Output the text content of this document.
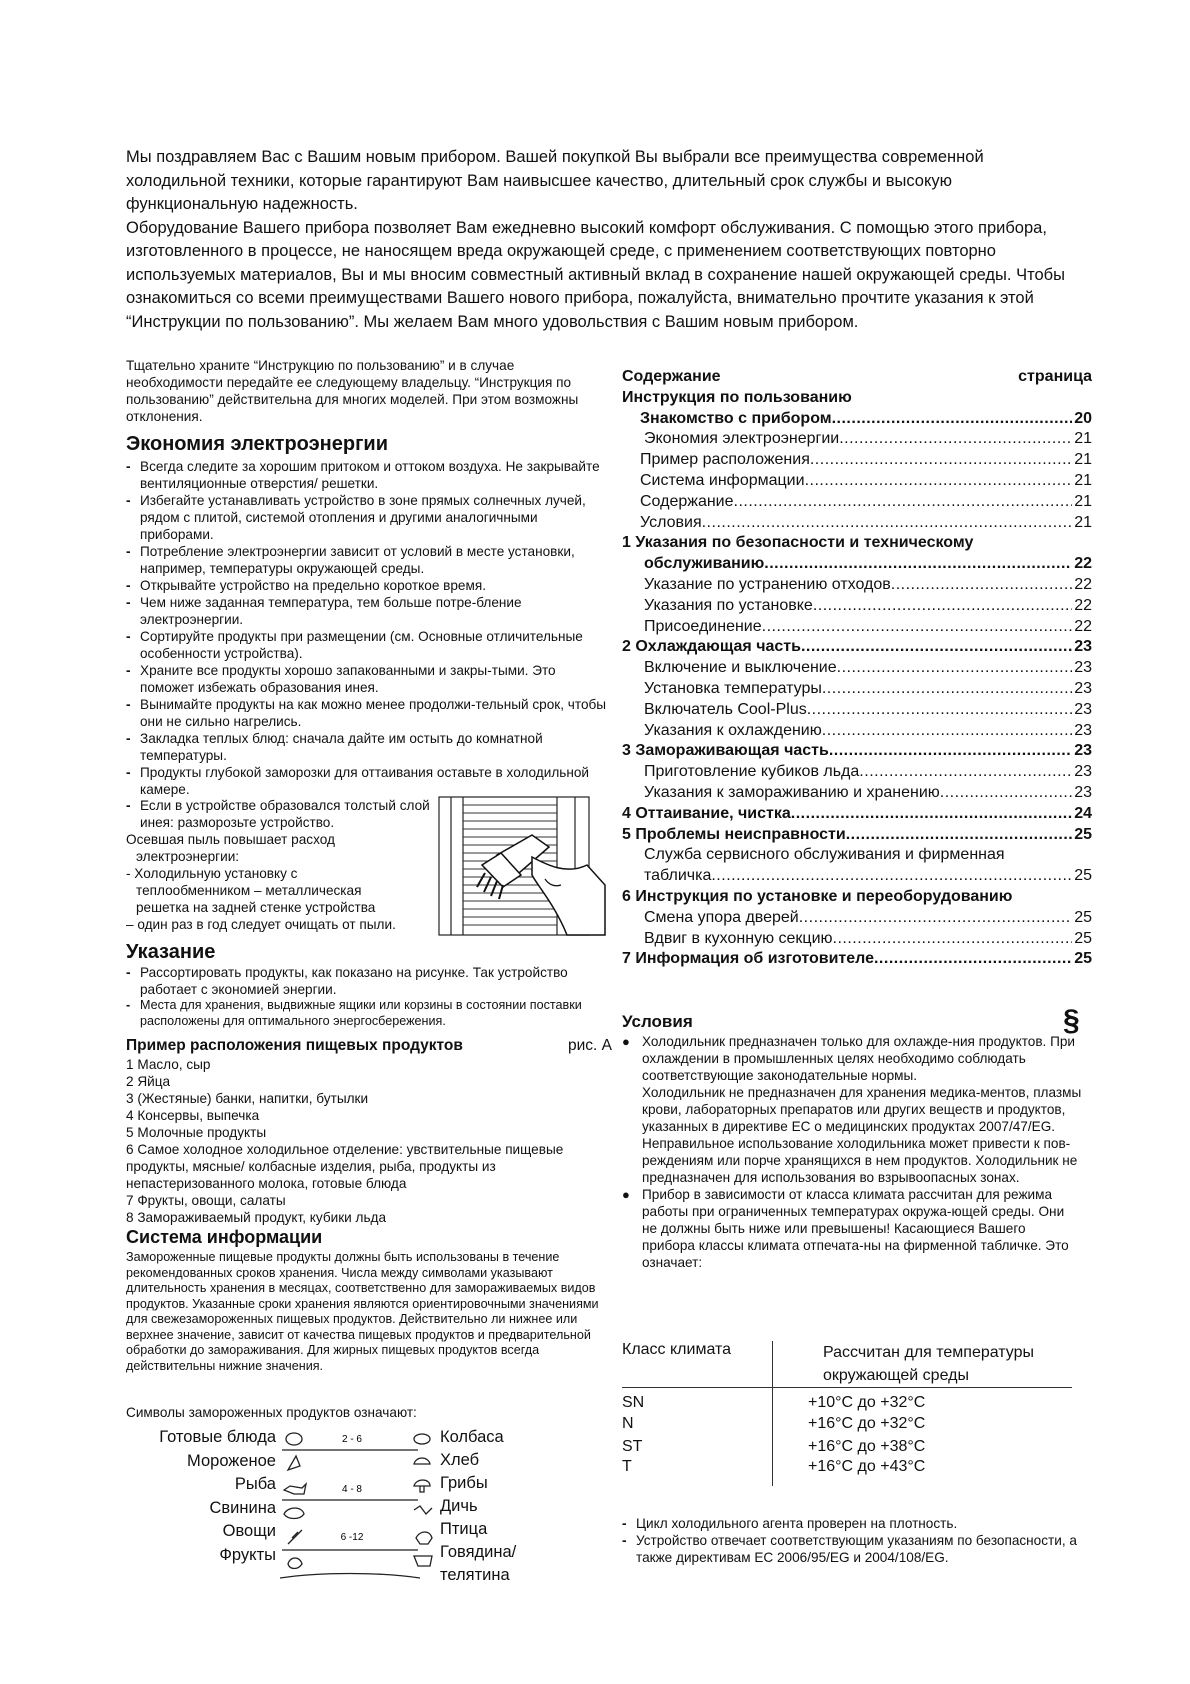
Мы поздравляем Вас с Вашим новым прибором. Вашей покупкой Вы выбрали все преимущества современной холодильной техники, которые гарантируют Вам наивысшее качество, длительный срок службы и высокую функциональную надежность.

Оборудование Вашего прибора позволяет Вам ежедневно высокий комфорт обслуживания. С помощью этого прибора, изготовленного в процессе, не наносящем вреда окружающей среде, с применением соответствующих повторно используемых материалов, Вы и мы вносим совместный активный вклад в сохранение нашей окружающей среды. Чтобы ознакомиться со всеми преимуществами Вашего нового прибора, пожалуйста, внимательно прочтите указания к этой “Инструкции по пользованию”. Мы желаем Вам много удовольствия с Вашим новым прибором.

Тщательно храните “Инструкцию по пользованию” и в случае необходимости передайте ее следующему владельцу. “Инструкция по пользованию” действительна для многих моделей. При этом возможны отклонения.
Экономия электроэнергии
- Всегда следите за хорошим притоком и оттоком воздуха. Не закрывайте вентиляционные отверстия/ решетки.
- Избегайте устанавливать устройство в зоне прямых солнечных лучей, рядом с плитой, системой отопления и другими аналогичными приборами.
- Потребление электроэнергии зависит от условий в месте установки, например, температуры окружающей среды.
- Открывайте устройство на предельно короткое время.
- Чем ниже заданная температура, тем больше потре-бление электроэнергии.
- Сортируйте продукты при размещении (см. Основные отличительные особенности устройства).
- Храните все продукты хорошо запакованными и закры-тыми. Это поможет избежать образования инея.
- Вынимайте продукты на как можно менее продолжи-тельный срок, чтобы они не сильно нагрелись.
- Закладка теплых блюд: сначала дайте им остыть до комнатной температуры.
- Продукты глубокой заморозки для оттаивания оставьте в холодильной камере.
- Если в устройстве образовался толстый слой инея: разморозьте устройство.
Осевшая пыль повышает расход
электроэнергии:
- Холодильную установку с
теплообменником – металлическая
решетка на задней стенке устройства
– один раз в год следует очищать от пыли.
Указание
- Рассортировать продукты, как показано на рисунке. Так устройство работает с экономией энергии.
- Места для хранения, выдвижные ящики или корзины в состоянии поставки расположены для оптимального энергосбережения.
Пример расположения пищевых продуктов	рис. А
1 Масло, сыр
2 Яйца
3 (Жестяные) банки, напитки, бутылки
4 Консервы, выпечка
5 Молочные продукты
6 Самое холодное холодильное отделение: увствительные пищевые продукты, мясные/ колбасные изделия, рыба, продукты из непастеризованного молока, готовые блюда
7 Фрукты, овощи, салаты
8 Замораживаемый продукт, кубики льда
Система информации
Замороженные пищевые продукты должны быть использованы в течение рекомендованных сроков хранения. Числа между символами указывают длительность хранения в месяцах, соответственно для замораживаемых видов продуктов. Указанные сроки хранения являются ориентировочными значениями для свежезамороженных пищевых продуктов. Действительно ли нижнее или верхнее значение, зависит от качества пищевых продуктов и предварительной обработки до замораживания. Для жирных пищевых продуктов всегда действительны нижние значения.
Символы замороженных продуктов означают:
Готовые блюда
Мороженое
Рыба
Свинина
Овощи
Фрукты
2 - 6
4 - 8
6 -12
Колбаса
Хлеб
Грибы
Дичь
Птица
Говядина/
телятина
Содержание	страница
Инструкция по пользованию
Знакомство с прибором .....	20
Экономия электроэнергии .....	21
Пример расположения .....	21
Система информации .....	21
Содержание .....	21
Условия .....	21
1 Указания по безопасности и техническому
обслуживанию .....	22
Указание по устранению отходов .....	22
Указания по установке .....	22
Присоединение .....	22
2 Охлаждающая часть .....	23
Включение и выключение .....	23
Установка температуры .....	23
Включатель Cool-Plus .....	23
Указания к охлаждению .....	23
3 Замораживающая часть .....	23
Приготовление кубиков льда .....	23
Указания к замораживанию и хранению .....	23
4 Оттаивание, чистка .....	24
5 Проблемы неисправности .....	25
Служба сервисного обслуживания и фирменная
табличка .....	25
6 Инструкция по установке и переоборудованию
Смена упора дверей .....	25
Вдвиг в кухонную секцию .....	25
7 Информация об изготовителе .....	25
Условия	§
● Холодильник предназначен только для охлажде-ния продуктов. При охлаждении в промышленных целях необходимо соблюдать соответствующие законодательные нормы.
Холодильник не предназначен для хранения медика-ментов, плазмы крови, лабораторных препаратов или других веществ и продуктов, указанных в директиве ЕС о медицинских продуктах 2007/47/EG. Неправильное использование холодильника может привести к пов-реждениям или порче хранящихся в нем продуктов. Холодильник не предназначен для использования во взрывоопасных зонах.
● Прибор в зависимости от класса климата рассчитан для режима работы при ограниченных температурах окружа-ющей среды. Они не должны быть ниже или превышены! Касающиеся Вашего прибора классы климата отпечата-ны на фирменной табличке. Это означает:
Класс климата	Рассчитан для температуры
окружающей среды

SN	+10°C до +32°C
N	+16°C до +32°C
ST	+16°C до +38°C
T	+16°C до +43°C
- Цикл холодильного агента проверен на плотность.
- Устройство отвечает соответствующим указаниям по безопасности, а также директивам ЕС 2006/95/EG и 2004/108/EG.
